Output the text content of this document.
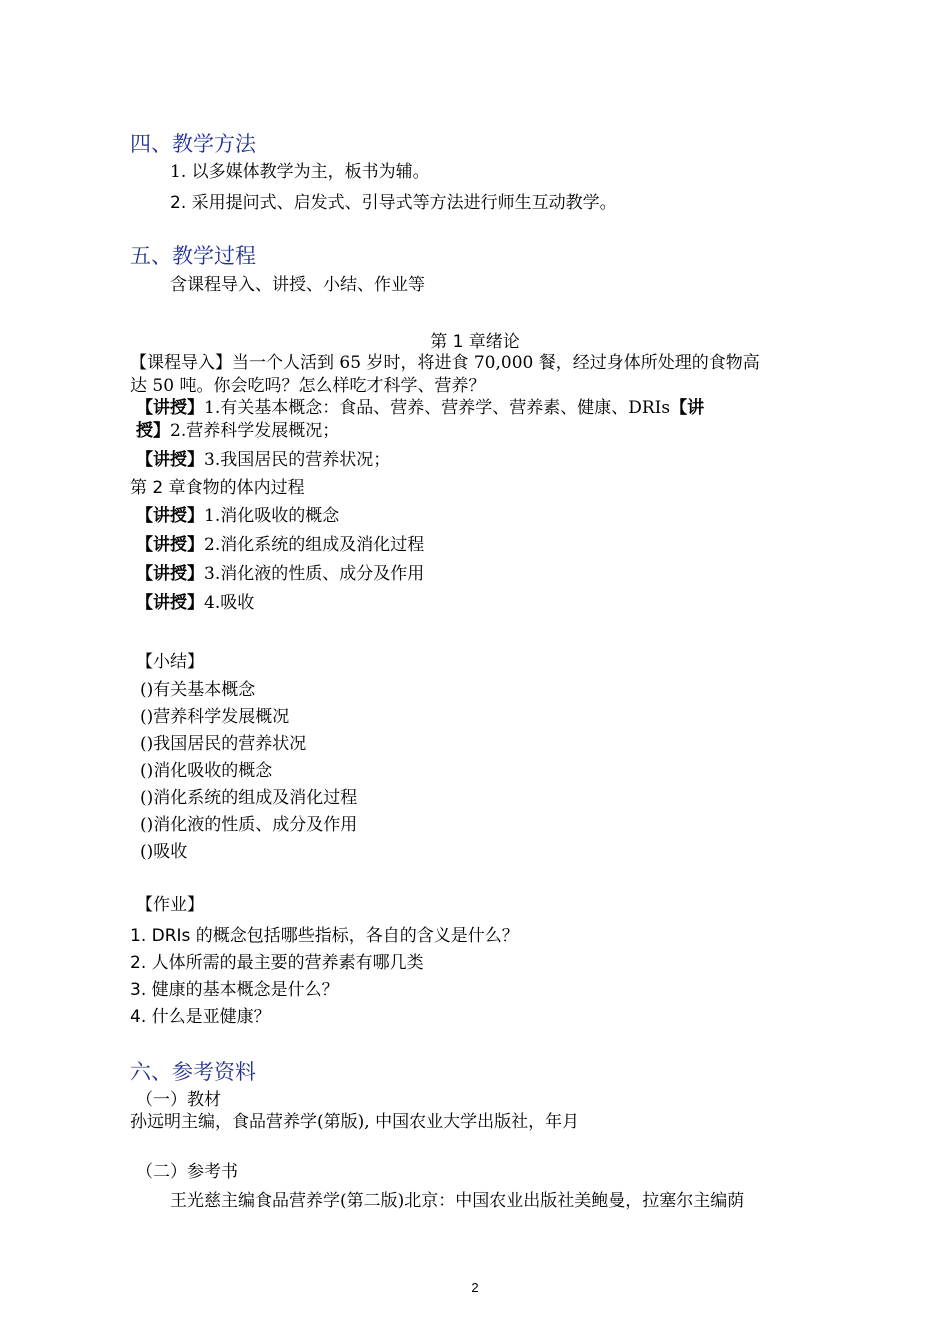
四、教学方法
1. 以多媒体教学为主，板书为辅。
2. 采用提问式、启发式、引导式等方法进行师生互动教学。
五、教学过程
含课程导入、讲授、小结、作业等
第 1 章绪论
【课程导入】当一个人活到 65 岁时，将进食 70,000 餐，经过身体所处理的食物高
达 50 吨。你会吃吗？怎么样吃才科学、营养？
【讲授】1.有关基本概念：食品、营养、营养学、营养素、健康、DRIs【讲
授】2.营养科学发展概况；
【讲授】3.我国居民的营养状况；
第 2 章食物的体内过程
【讲授】1.消化吸收的概念
【讲授】2.消化系统的组成及消化过程
【讲授】3.消化液的性质、成分及作用
【讲授】4.吸收
【小结】
()有关基本概念
()营养科学发展概况
()我国居民的营养状况
()消化吸收的概念
()消化系统的组成及消化过程
()消化液的性质、成分及作用
()吸收
【作业】
1. DRIs 的概念包括哪些指标，各自的含义是什么？
2. 人体所需的最主要的营养素有哪几类
3. 健康的基本概念是什么？
4. 什么是亚健康？
六、参考资料
（一）教材
孙远明主编，食品营养学(第版), 中国农业大学出版社，年月
（二）参考书
王光慈主编食品营养学(第二版)北京：中国农业出版社美鲍曼，拉塞尔主编荫
2
